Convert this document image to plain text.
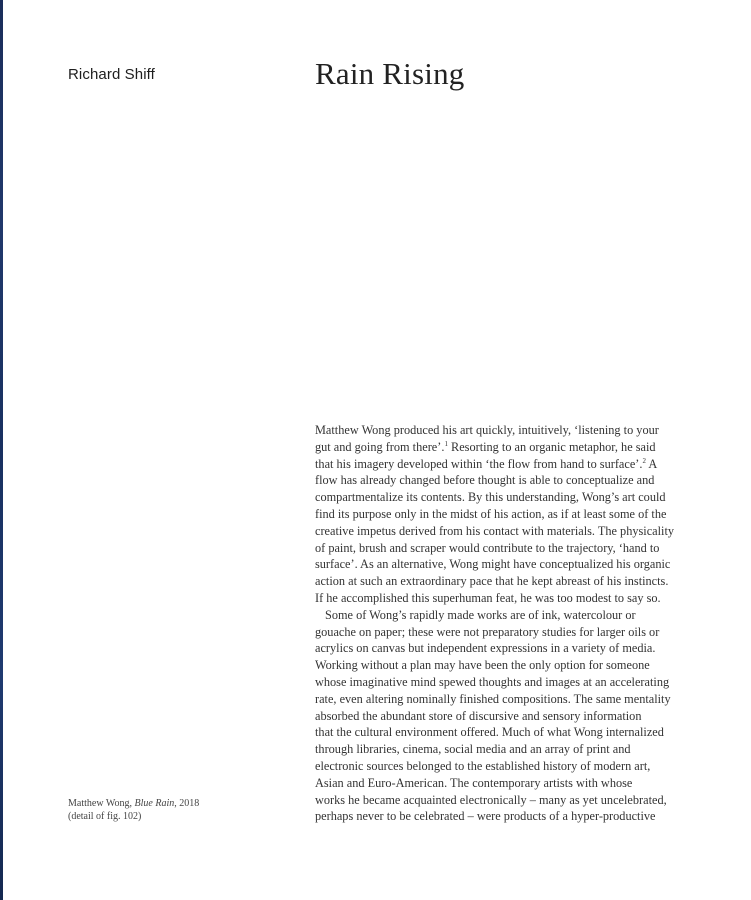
Richard Shiff	Rain Rising
Matthew Wong produced his art quickly, intuitively, ‘listening to your
gut and going from there’.$^1$ Resorting to an organic metaphor, he said
that his imagery developed within ‘the flow from hand to surface’.$^2$ A
flow has already changed before thought is able to conceptualize and
compartmentalize its contents. By this understanding, Wong’s art could
find its purpose only in the midst of his action, as if at least some of the
creative impetus derived from his contact with materials. The physicality
of paint, brush and scraper would contribute to the trajectory, ‘hand to
surface’. As an alternative, Wong might have conceptualized his organic
action at such an extraordinary pace that he kept abreast of his instincts.
If he accomplished this superhuman feat, he was too modest to say so.
Some of Wong’s rapidly made works are of ink, watercolour or
gouache on paper; these were not preparatory studies for larger oils or
acrylics on canvas but independent expressions in a variety of media.
Working without a plan may have been the only option for someone
whose imaginative mind spewed thoughts and images at an accelerating
rate, even altering nominally finished compositions. The same mentality
absorbed the abundant store of discursive and sensory information
that the cultural environment offered. Much of what Wong internalized
through libraries, cinema, social media and an array of print and
electronic sources belonged to the established history of modern art,
Asian and Euro-American. The contemporary artists with whose
works he became acquainted electronically – many as yet uncelebrated,
perhaps never to be celebrated – were products of a hyper-productive
Matthew Wong, Blue Rain, 2018
(detail of fig. 102)
